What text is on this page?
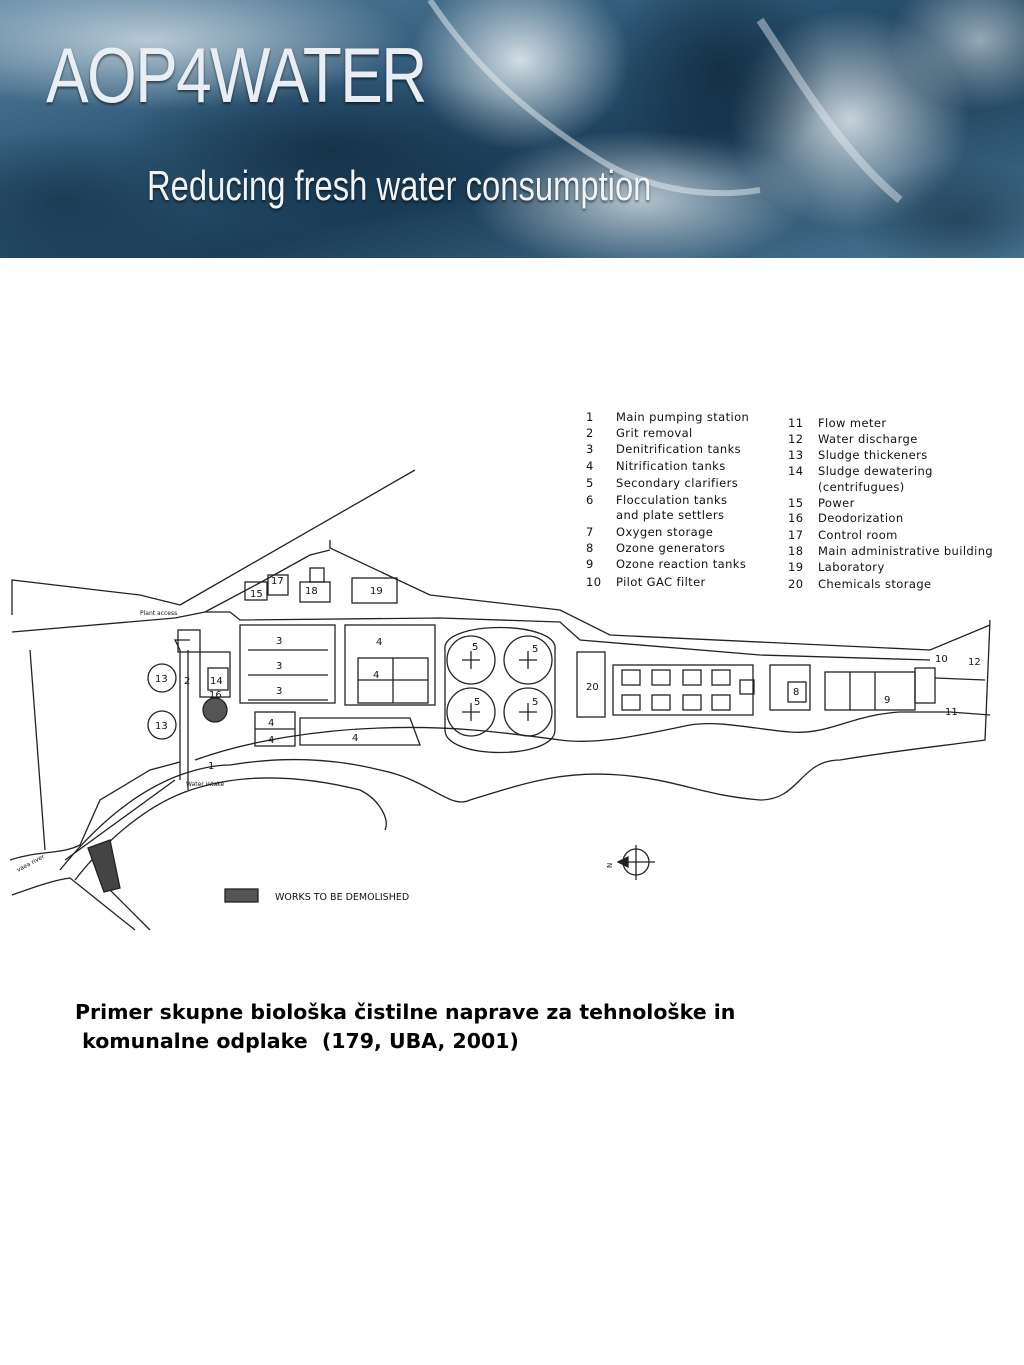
AOP4WATER
Reducing fresh water consumption
13
13
2 14
16
3
3
3
4
4
4
4	4
5	5
5	5
20	8
9
10 12
11
1
17
18	19
15
Plant access
Water intake
vaea river
WORKS TO BE DEMOLISHED
N
1	Main pumping station
2	Grit removal
3	Denitrification tanks
4	Nitrification tanks
5	Secondary clarifiers
6	Flocculation tanks
and plate settlers
7	Oxygen storage
8	Ozone generators
9	Ozone reaction tanks
10	Pilot GAC filter
11	Flow meter
12	Water discharge
13	Sludge thickeners
14	Sludge dewatering
(centrifugues)
15	Power
16	Deodorization
17	Control room
18	Main administrative building
19	Laboratory
20	Chemicals storage
Primer skupne biološka čistilne naprave za tehnološke in
komunalne odplake  (179, UBA, 2001)
